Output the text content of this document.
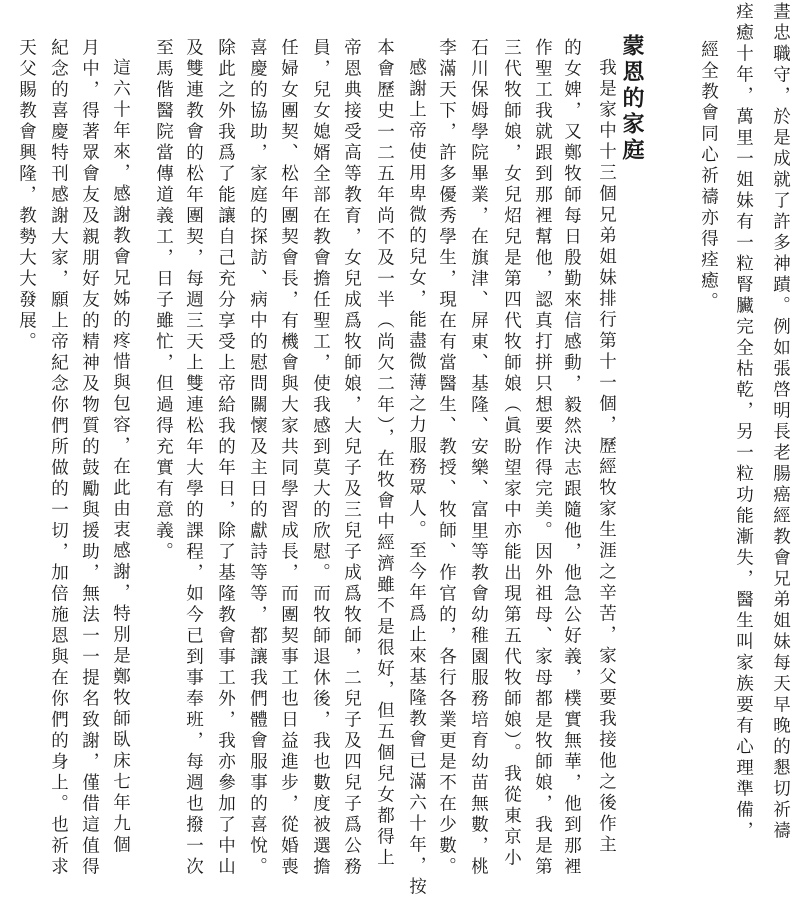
晝忠職守，於是成就了許多神蹟。例如張啓明長老腸癌經教會兄弟姐妹每天早晚的懇切祈禱
痊癒十年，萬里一姐妹有一粒腎臟完全枯乾，另一粒功能漸失，醫生叫家族要有心理準備，
經全教會同心祈禱亦得痊癒。
蒙恩的家庭
我是家中十三個兄弟姐妹排行第十一個，歷經牧家生涯之辛苦，家父要我接他之後作主
的女婢，又鄭牧師每日殷勤來信感動，毅然決志跟隨他，他急公好義，樸實無華，他到那裡
作聖工我就跟到那裡幫他，認真打拼只想要作得完美。因外祖母、家母都是牧師娘，我是第
三代牧師娘，女兒炤兒是第四代牧師娘（眞盼望家中亦能出現第五代牧師娘）。我從東京小
石川保姆學院畢業，在旗津、屏東、基隆、安樂、富里等教會幼稚園服務培育幼苗無數，桃
李滿天下，許多優秀學生，現在有當醫生、教授、牧師、作官的，各行各業更是不在少數。
感謝上帝使用卑微的兒女，能盡微薄之力服務眾人。至今年爲止來基隆教會已滿六十年，按
本會歷史一二五年尚不及一半（尚欠二年），在牧會中經濟雖不是很好，但五個兒女都得上
帝恩典接受高等教育，女兒成爲牧師娘，大兒子及三兒子成爲牧師，二兒子及四兒子爲公務
員，兒女媳婿全部在教會擔任聖工，使我感到莫大的欣慰。而牧師退休後，我也數度被選擔
任婦女團契、松年團契會長，有機會與大家共同學習成長，而團契事工也日益進步，從婚喪
喜慶的協助，家庭的探訪、病中的慰問關懷及主日的獻詩等等，都讓我們體會服事的喜悅。
除此之外我爲了能讓自己充分享受上帝給我的年日，除了基隆教會事工外，我亦參加了中山
及雙連教會的松年團契，每週三天上雙連松年大學的課程，如今已到事奉班，每週也撥一次
至馬偕醫院當傳道義工，日子雖忙，但過得充實有意義。
這六十年來，感謝教會兄姊的疼惜與包容，在此由衷感謝，特別是鄭牧師臥床七年九個
月中，得著眾會友及親朋好友的精神及物質的鼓勵與援助，無法一一提名致謝，僅借這值得
紀念的喜慶特刊感謝大家，願上帝紀念你們所做的一切，加倍施恩與在你們的身上。也祈求
天父賜教會興隆，教勢大大發展。
